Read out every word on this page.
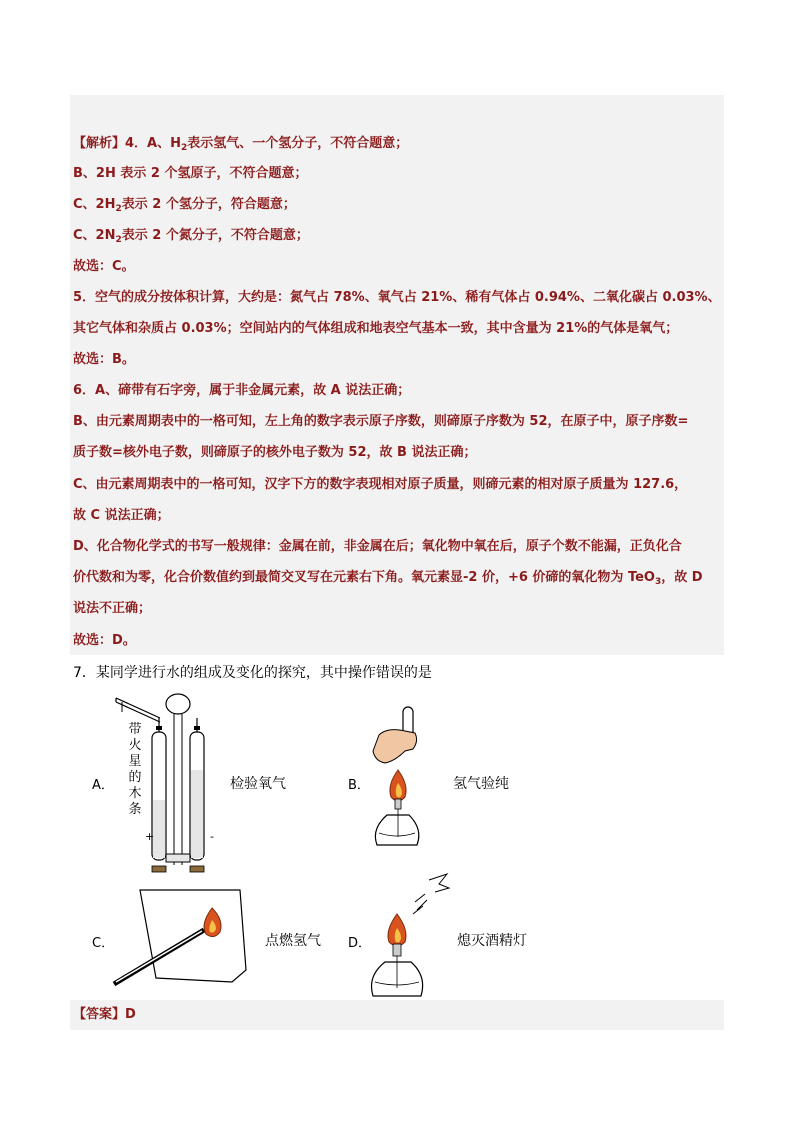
【解析】4．A、$H_2$表示氢气、一个氢分子，不符合题意；
B、2H 表示 2 个氢原子，不符合题意；
C、$2H_2$表示 2 个氢分子，符合题意；
C、$2N_2$表示 2 个氮分子，不符合题意；
故选：C。
5．空气的成分按体积计算，大约是：氮气占 78%、氧气占 21%、稀有气体占 0.94%、二氧化碳占 0.03%、
其它气体和杂质占 0.03%；空间站内的气体组成和地表空气基本一致，其中含量为 21%的气体是氧气；
故选：B。
6．A、碲带有石字旁，属于非金属元素，故 A 说法正确；
B、由元素周期表中的一格可知，左上角的数字表示原子序数，则碲原子序数为 52，在原子中，原子序数=
质子数=核外电子数，则碲原子的核外电子数为 52，故 B 说法正确；
C、由元素周期表中的一格可知，汉字下方的数字表现相对原子质量，则碲元素的相对原子质量为 127.6，
故 C 说法正确；
D、化合物化学式的书写一般规律：金属在前，非金属在后；氧化物中氧在后，原子个数不能漏，正负化合
价代数和为零，化合价数值约到最简交叉写在元素右下角。氧元素显-2 价，+6 价碲的氧化物为 TeO$_3$，故 D
说法不正确；
故选：D。
7．某同学进行水的组成及变化的探究，其中操作错误的是
A．
带火星的木条
+	-
检验氧气	B．	氢气验纯
C．	点燃氢气 D．	熄灭酒精灯
【答案】D
